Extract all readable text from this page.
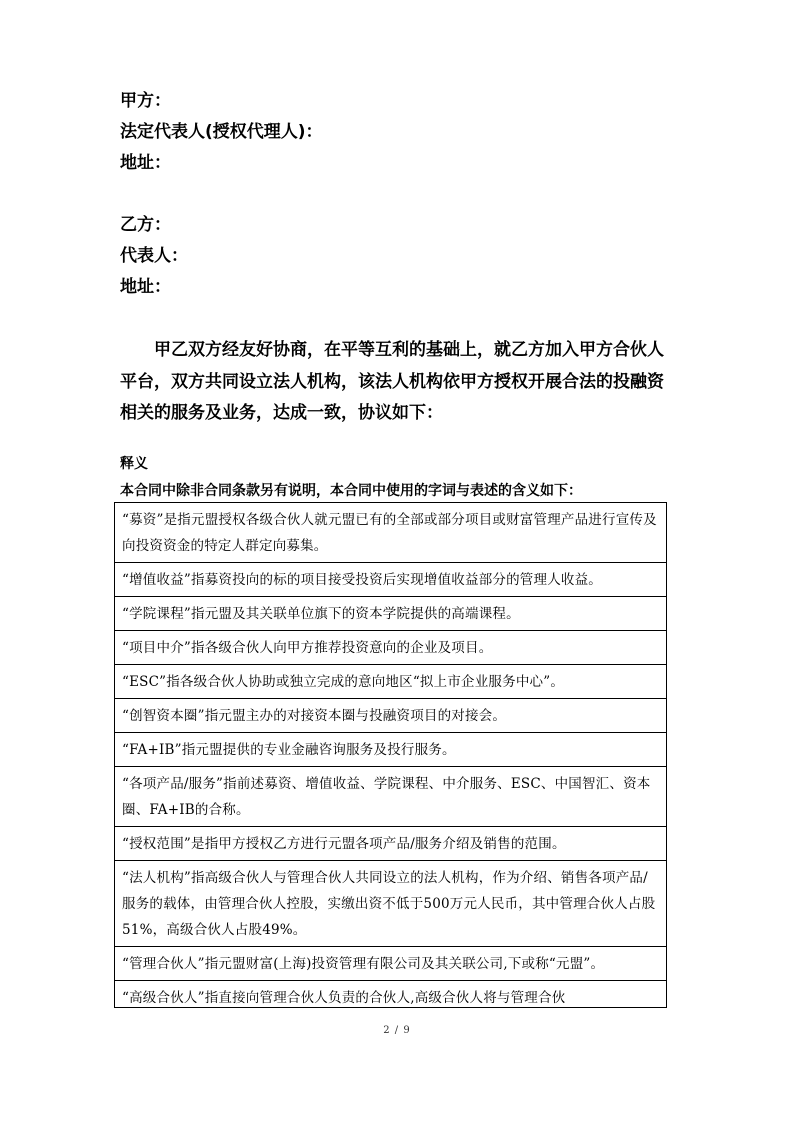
甲方：
法定代表人(授权代理人)：
地址：
乙方：
代表人：
地址：

甲乙双方经友好协商，在平等互利的基础上，就乙方加入甲方合伙人平台，双方共同设立法人机构，该法人机构依甲方授权开展合法的投融资相关的服务及业务，达成一致，协议如下：

释义

本合同中除非合同条款另有说明，本合同中使用的字词与表述的含义如下：

“募资”是指元盟授权各级合伙人就元盟已有的全部或部分项目或财富管理产品进行宣传及向投资资金的特定人群定向募集。

“增值收益”指募资投向的标的项目接受投资后实现增值收益部分的管理人收益。

“学院课程”指元盟及其关联单位旗下的资本学院提供的高端课程。

“项目中介”指各级合伙人向甲方推荐投资意向的企业及项目。

“ESC”指各级合伙人协助或独立完成的意向地区“拟上市企业服务中心”。

“创智资本圈”指元盟主办的对接资本圈与投融资项目的对接会。

“FA+IB”指元盟提供的专业金融咨询服务及投行服务。

“各项产品/服务”指前述募资、增值收益、学院课程、中介服务、ESC、中国智汇、资本圈、FA+IB的合称。

“授权范围”是指甲方授权乙方进行元盟各项产品/服务介绍及销售的范围。

“法人机构”指高级合伙人与管理合伙人共同设立的法人机构，作为介绍、销售各项产品/服务的载体，由管理合伙人控股，实缴出资不低于500万元人民币，其中管理合伙人占股51%，高级合伙人占股49%。

“管理合伙人”指元盟财富(上海)投资管理有限公司及其关联公司,下或称“元盟”。

“高级合伙人”指直接向管理合伙人负责的合伙人,高级合伙人将与管理合伙
2 / 9
